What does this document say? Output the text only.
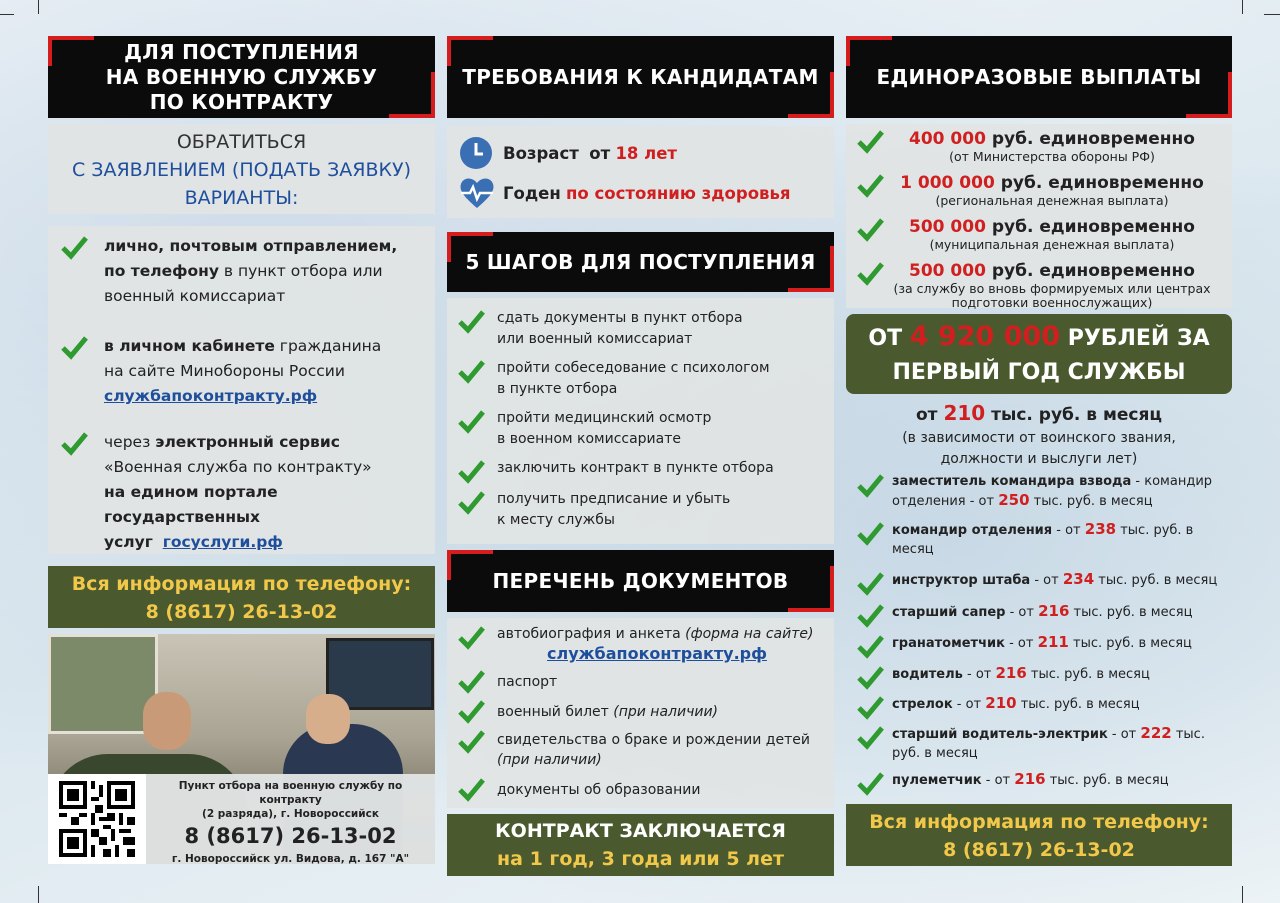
ДЛЯ ПОСТУПЛЕНИЯ
НА ВОЕННУЮ СЛУЖБУ
ПО КОНТРАКТУ
ОБРАТИТЬСЯ
С ЗАЯВЛЕНИЕМ (ПОДАТЬ ЗАЯВКУ)
ВАРИАНТЫ:
лично, почтовым отправлением,
по телефону в пункт отбора или
военный комиссариат
в личном кабинете гражданина
на сайте Минобороны России
службапоконтракту.рф
через электронный сервис
«Военная служба по контракту»
на едином портале государственных
услуг госуслуги.рф
Вся информация по телефону:
8 (8617) 26-13-02
Пункт отбора на военную службу по контракту
(2 разряда), г. Новороссийск
8 (8617) 26-13-02
г. Новороссийск ул. Видова, д. 167 "А"
ТРЕБОВАНИЯ К КАНДИДАТАМ
Возраст от 18 лет
Годен по состоянию здоровья
5 ШАГОВ ДЛЯ ПОСТУПЛЕНИЯ
сдать документы в пункт отбора
или военный комиссариат
пройти собеседование с психологом
в пункте отбора
пройти медицинский осмотр
в военном комиссариате
заключить контракт в пункте отбора
получить предписание и убыть
к месту службы
ПЕРЕЧЕНЬ ДОКУМЕНТОВ
автобиография и анкета (форма на сайте)
службапоконтракту.рф
паспорт
военный билет (при наличии)
свидетельства о браке и рождении детей
(при наличии)
документы об образовании
КОНТРАКТ ЗАКЛЮЧАЕТСЯ
на 1 год, 3 года или 5 лет
ЕДИНОРАЗОВЫЕ ВЫПЛАТЫ
400 000 руб. единовременно
(от Министерства обороны РФ)
1 000 000 руб. единовременно
(региональная денежная выплата)
500 000 руб. единовременно
(муниципальная денежная выплата)
500 000 руб. единовременно
(за службу во вновь формируемых или центрах подготовки военнослужащих)
ОТ 4 920 000 РУБЛЕЙ ЗА
ПЕРВЫЙ ГОД СЛУЖБЫ
от 210 тыс. руб. в месяц
(в зависимости от воинского звания,
должности и выслуги лет)
заместитель командира взвода - командир отделения - от 250 тыс. руб. в месяц
командир отделения - от 238 тыс. руб. в месяц
инструктор штаба - от 234 тыс. руб. в месяц
старший сапер - от 216 тыс. руб. в месяц
гранатометчик - от 211 тыс. руб. в месяц
водитель - от 216 тыс. руб. в месяц
стрелок - от 210 тыс. руб. в месяц
старший водитель-электрик - от 222 тыс. руб. в месяц
пулеметчик - от 216 тыс. руб. в месяц
Вся информация по телефону:
8 (8617) 26-13-02
